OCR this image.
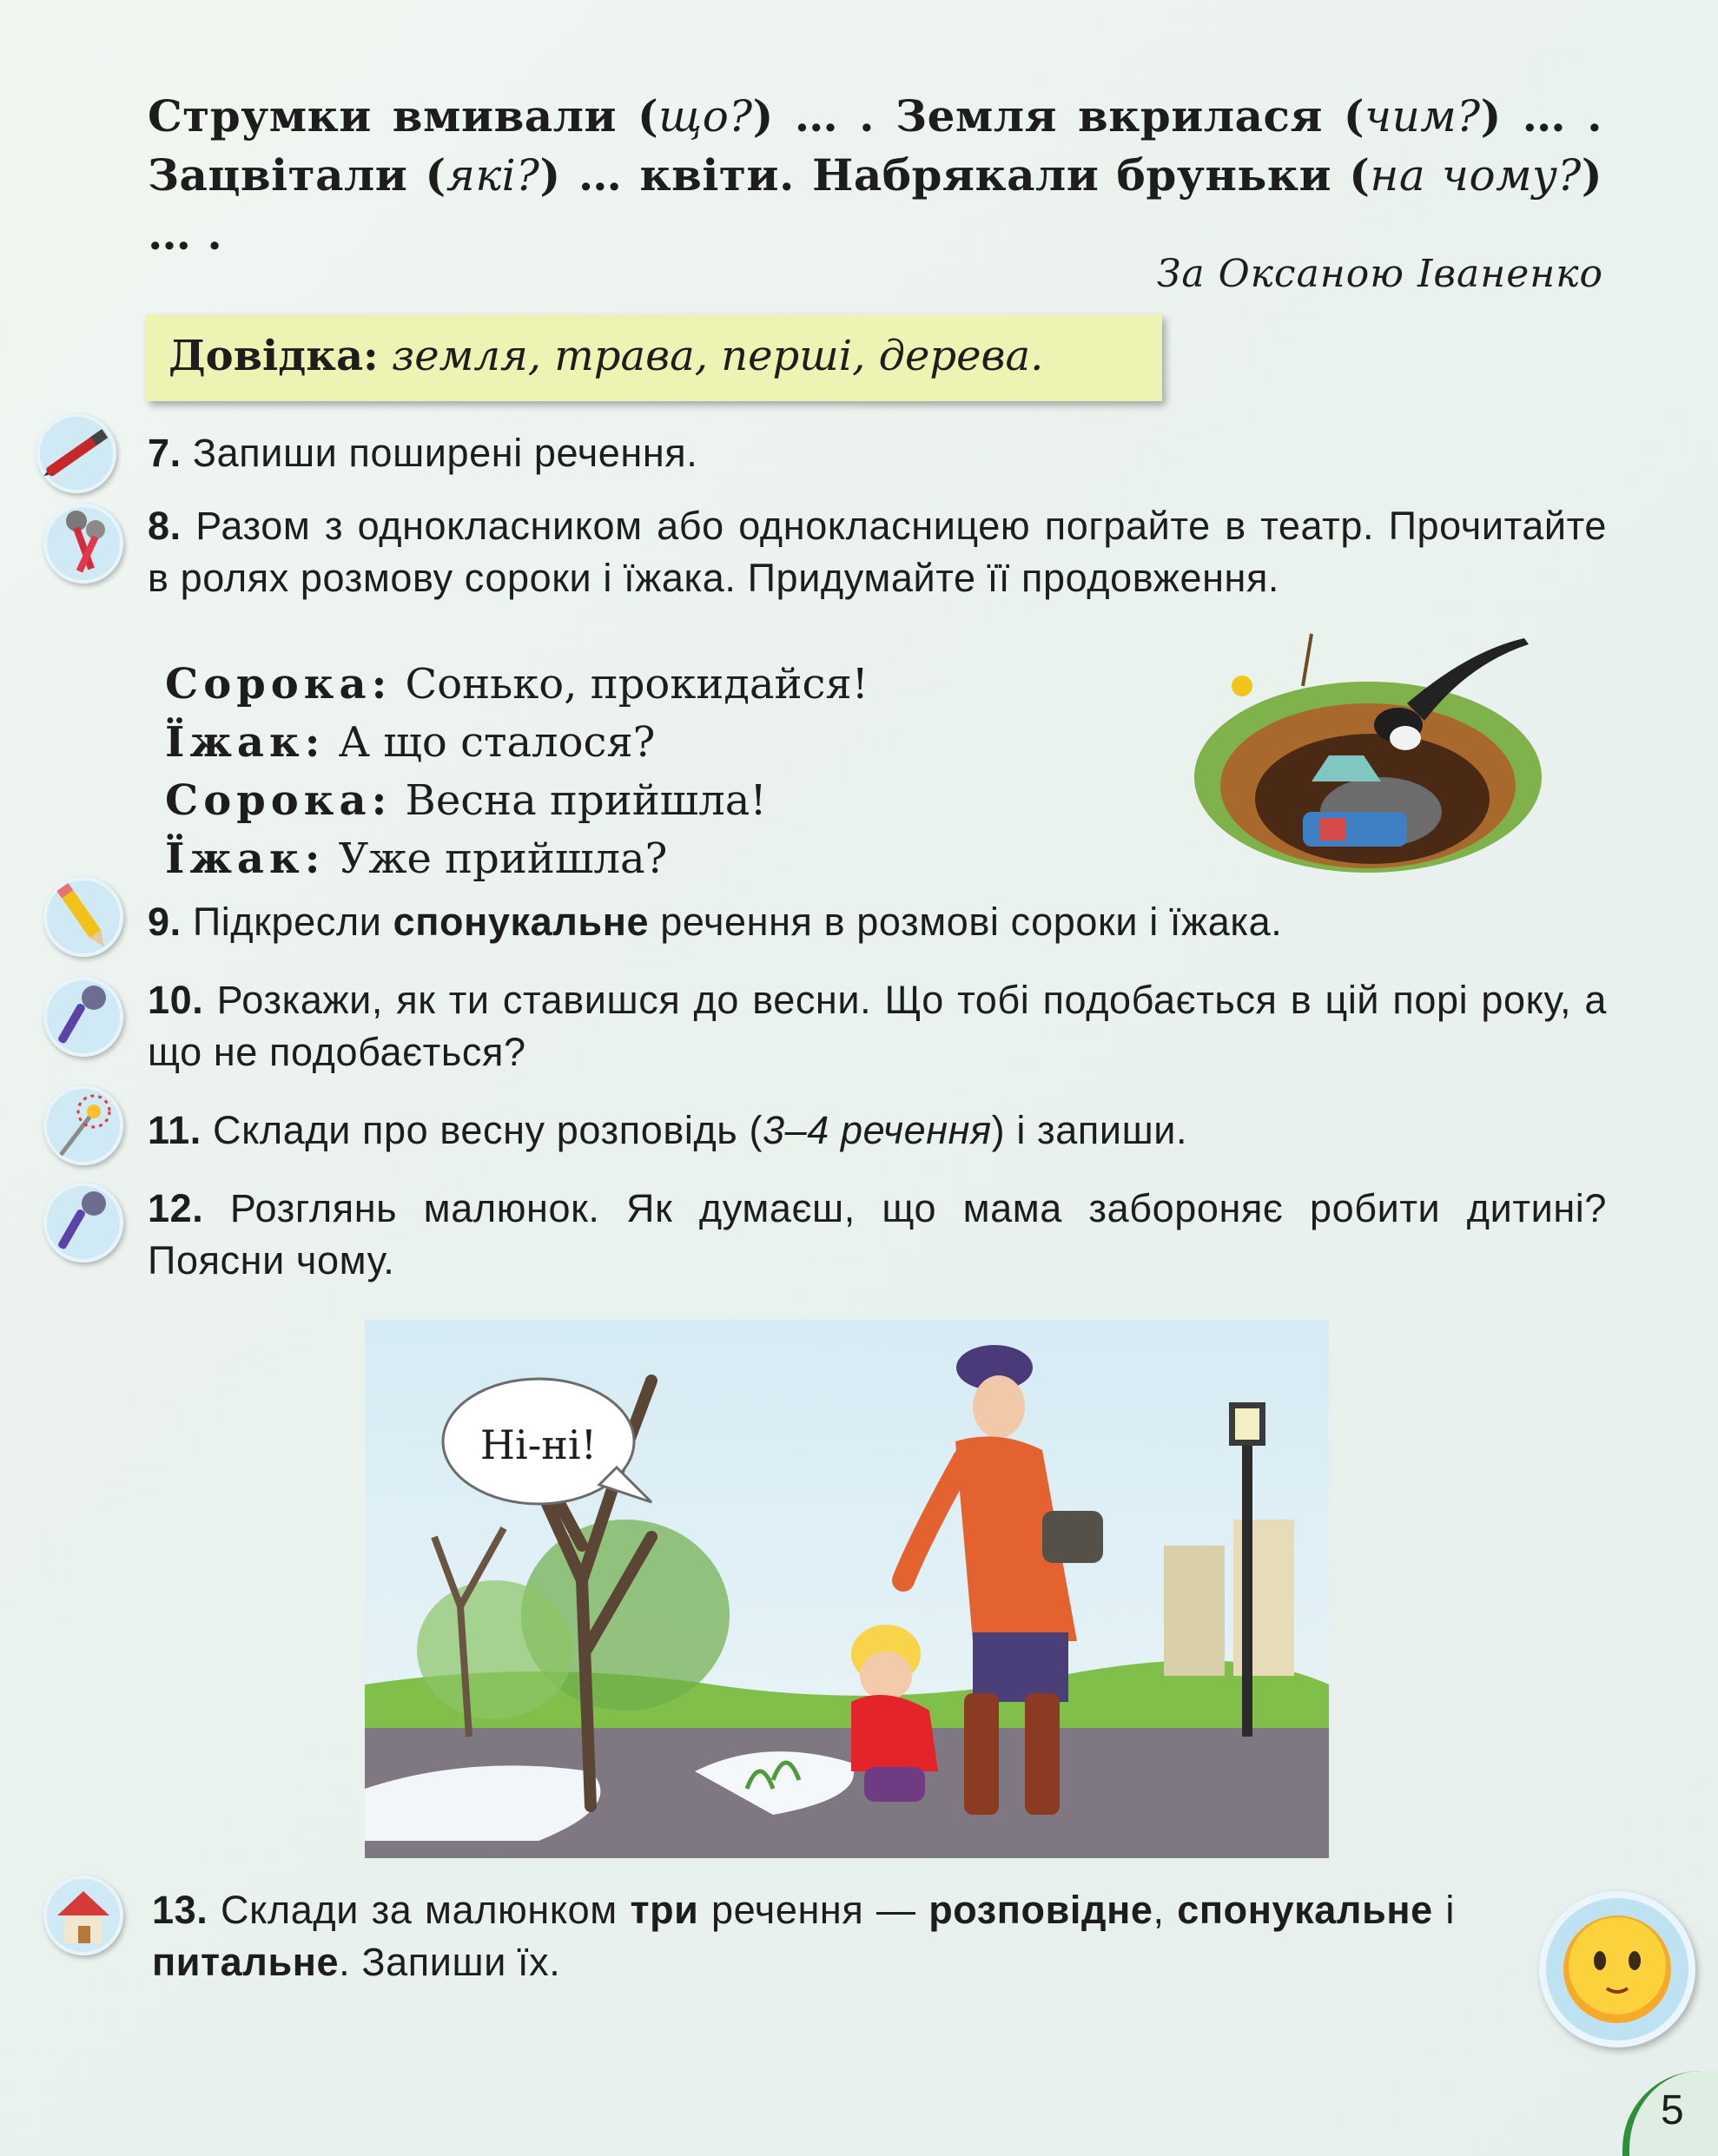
Струмки вмивали (що?) … . Земля вкрилася (чим?) … . Зацвітали (які?) … квіти. Набрякали бруньки (на чому?) … .
За Оксаною Іваненко
Довідка: земля, трава, перші, дерева.
7. Запиши поширені речення.
8. Разом з однокласником або однокласницею пограйте в театр. Прочитайте в ролях розмову сороки і їжака. Придумайте її продовження.
Сорока: Сонько, прокидайся!
Їжак: А що сталося?
Сорока: Весна прийшла!
Їжак: Уже прийшла?
9. Підкресли спонукальне речення в розмові сороки і їжака.
10. Розкажи, як ти ставишся до весни. Що тобі подобається в цій порі року, а що не подобається?
11. Склади про весну розповідь (3–4 речення) і запиши.
12. Розглянь малюнок. Як думаєш, що мама забороняє робити дитині? Поясни чому.
Ні-ні!
13. Склади за малюнком три речення — розповідне, спонукальне і питальне. Запиши їх.
5
